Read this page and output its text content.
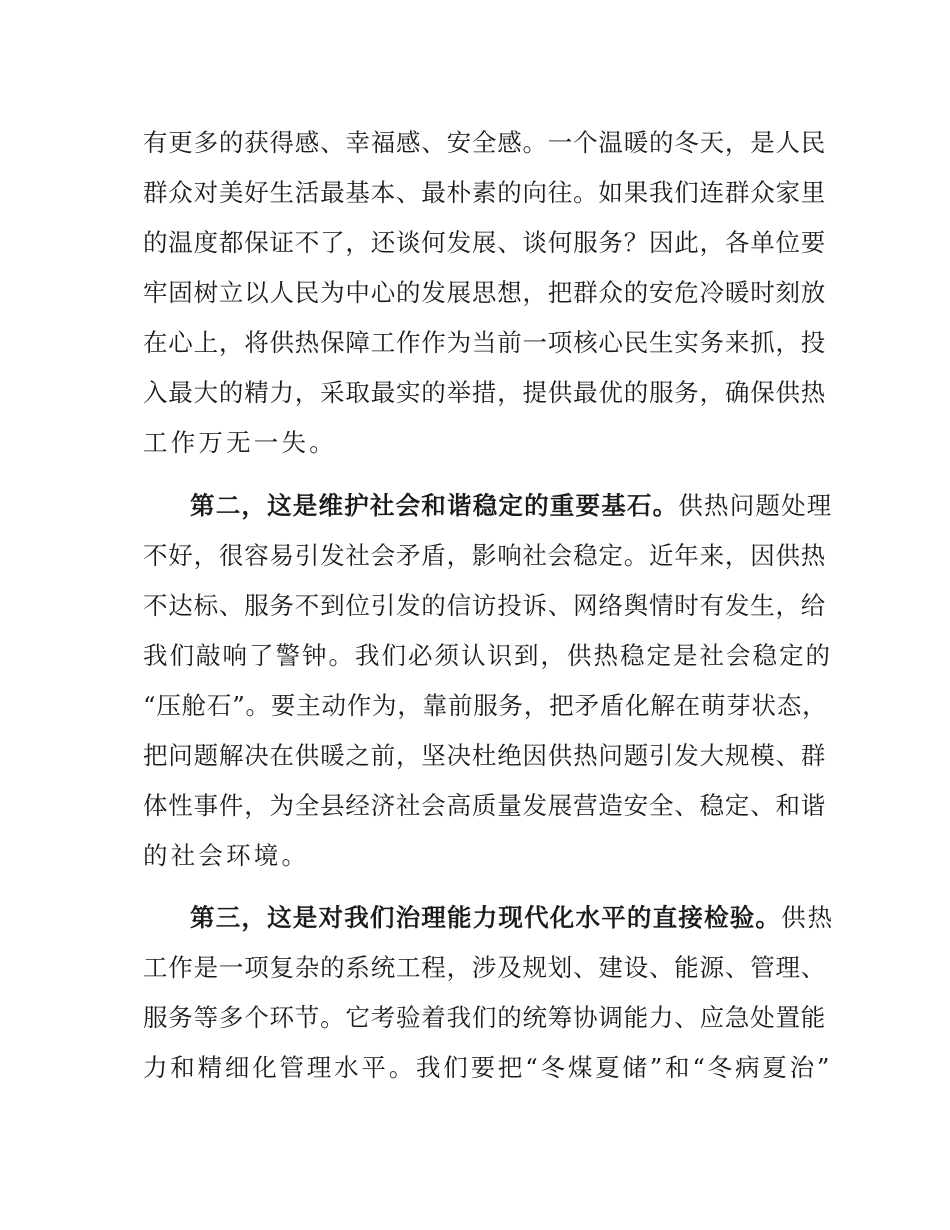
有更多的获得感、幸福感、安全感。一个温暖的冬天，是人民
群众对美好生活最基本、最朴素的向往。如果我们连群众家里
的温度都保证不了，还谈何发展、谈何服务？因此，各单位要
牢固树立以人民为中心的发展思想，把群众的安危冷暖时刻放
在心上，将供热保障工作作为当前一项核心民生实务来抓，投
入最大的精力，采取最实的举措，提供最优的服务，确保供热
工作万无一失。
第二，这是维护社会和谐稳定的重要基石。供热问题处理
不好，很容易引发社会矛盾，影响社会稳定。近年来，因供热
不达标、服务不到位引发的信访投诉、网络舆情时有发生，给
我们敲响了警钟。我们必须认识到，供热稳定是社会稳定的
“压舱石”。要主动作为，靠前服务，把矛盾化解在萌芽状态，
把问题解决在供暖之前，坚决杜绝因供热问题引发大规模、群
体性事件，为全县经济社会高质量发展营造安全、稳定、和谐
的社会环境。
第三，这是对我们治理能力现代化水平的直接检验。供热
工作是一项复杂的系统工程，涉及规划、建设、能源、管理、
服务等多个环节。它考验着我们的统筹协调能力、应急处置能
力和精细化管理水平。我们要把“冬煤夏储”和“冬病夏治”
